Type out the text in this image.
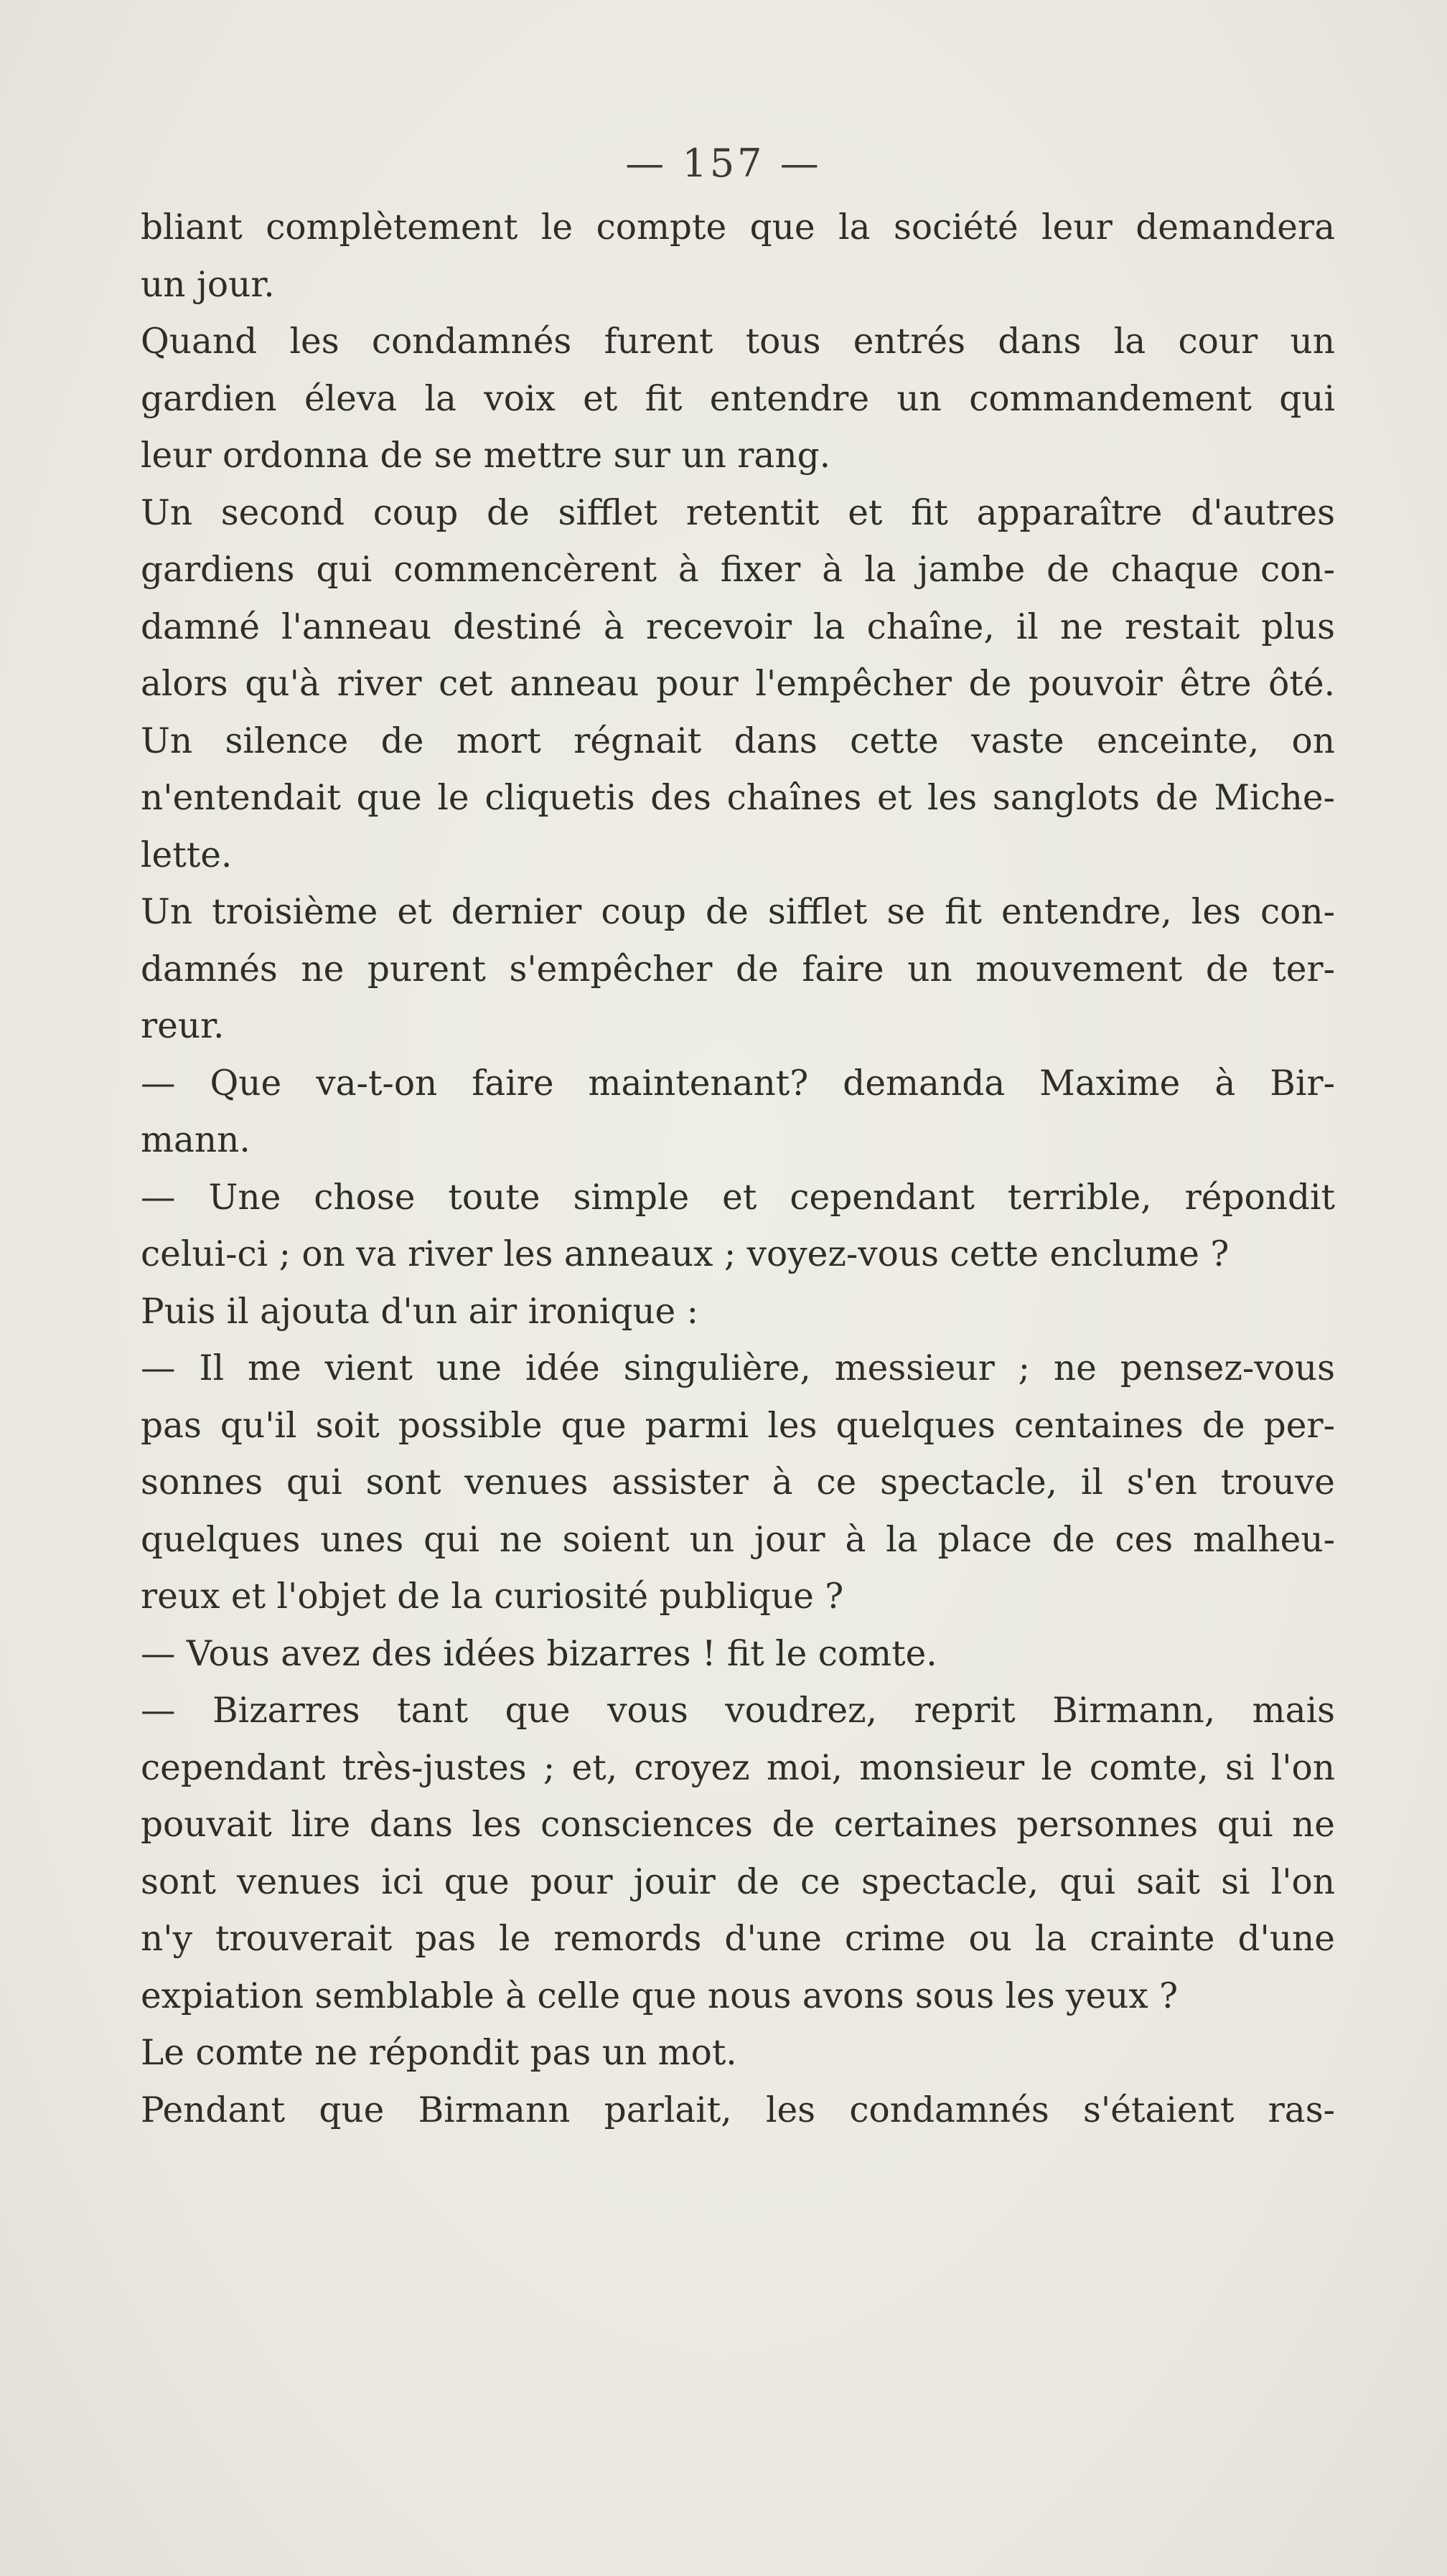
— 157 —
bliant complètement le compte que la société leur demandera
un jour.
Quand les condamnés furent tous entrés dans la cour un
gardien éleva la voix et fit entendre un commandement qui
leur ordonna de se mettre sur un rang.
Un second coup de sifflet retentit et fit apparaître d'autres
gardiens qui commencèrent à fixer à la jambe de chaque con-
damné l'anneau destiné à recevoir la chaîne, il ne restait plus
alors qu'à river cet anneau pour l'empêcher de pouvoir être ôté.
Un silence de mort régnait dans cette vaste enceinte, on
n'entendait que le cliquetis des chaînes et les sanglots de Miche-
lette.
Un troisième et dernier coup de sifflet se fit entendre, les con-
damnés ne purent s'empêcher de faire un mouvement de ter-
reur.
— Que va-t-on faire maintenant? demanda Maxime à Bir-
mann.
— Une chose toute simple et cependant terrible, répondit
celui-ci ; on va river les anneaux ; voyez-vous cette enclume ?
Puis il ajouta d'un air ironique :
— Il me vient une idée singulière, messieur ; ne pensez-vous
pas qu'il soit possible que parmi les quelques centaines de per-
sonnes qui sont venues assister à ce spectacle, il s'en trouve
quelques unes qui ne soient un jour à la place de ces malheu-
reux et l'objet de la curiosité publique ?
— Vous avez des idées bizarres ! fit le comte.
— Bizarres tant que vous voudrez, reprit Birmann, mais
cependant très-justes ; et, croyez moi, monsieur le comte, si l'on
pouvait lire dans les consciences de certaines personnes qui ne
sont venues ici que pour jouir de ce spectacle, qui sait si l'on
n'y trouverait pas le remords d'une crime ou la crainte d'une
expiation semblable à celle que nous avons sous les yeux ?
Le comte ne répondit pas un mot.
Pendant que Birmann parlait, les condamnés s'étaient ras-
